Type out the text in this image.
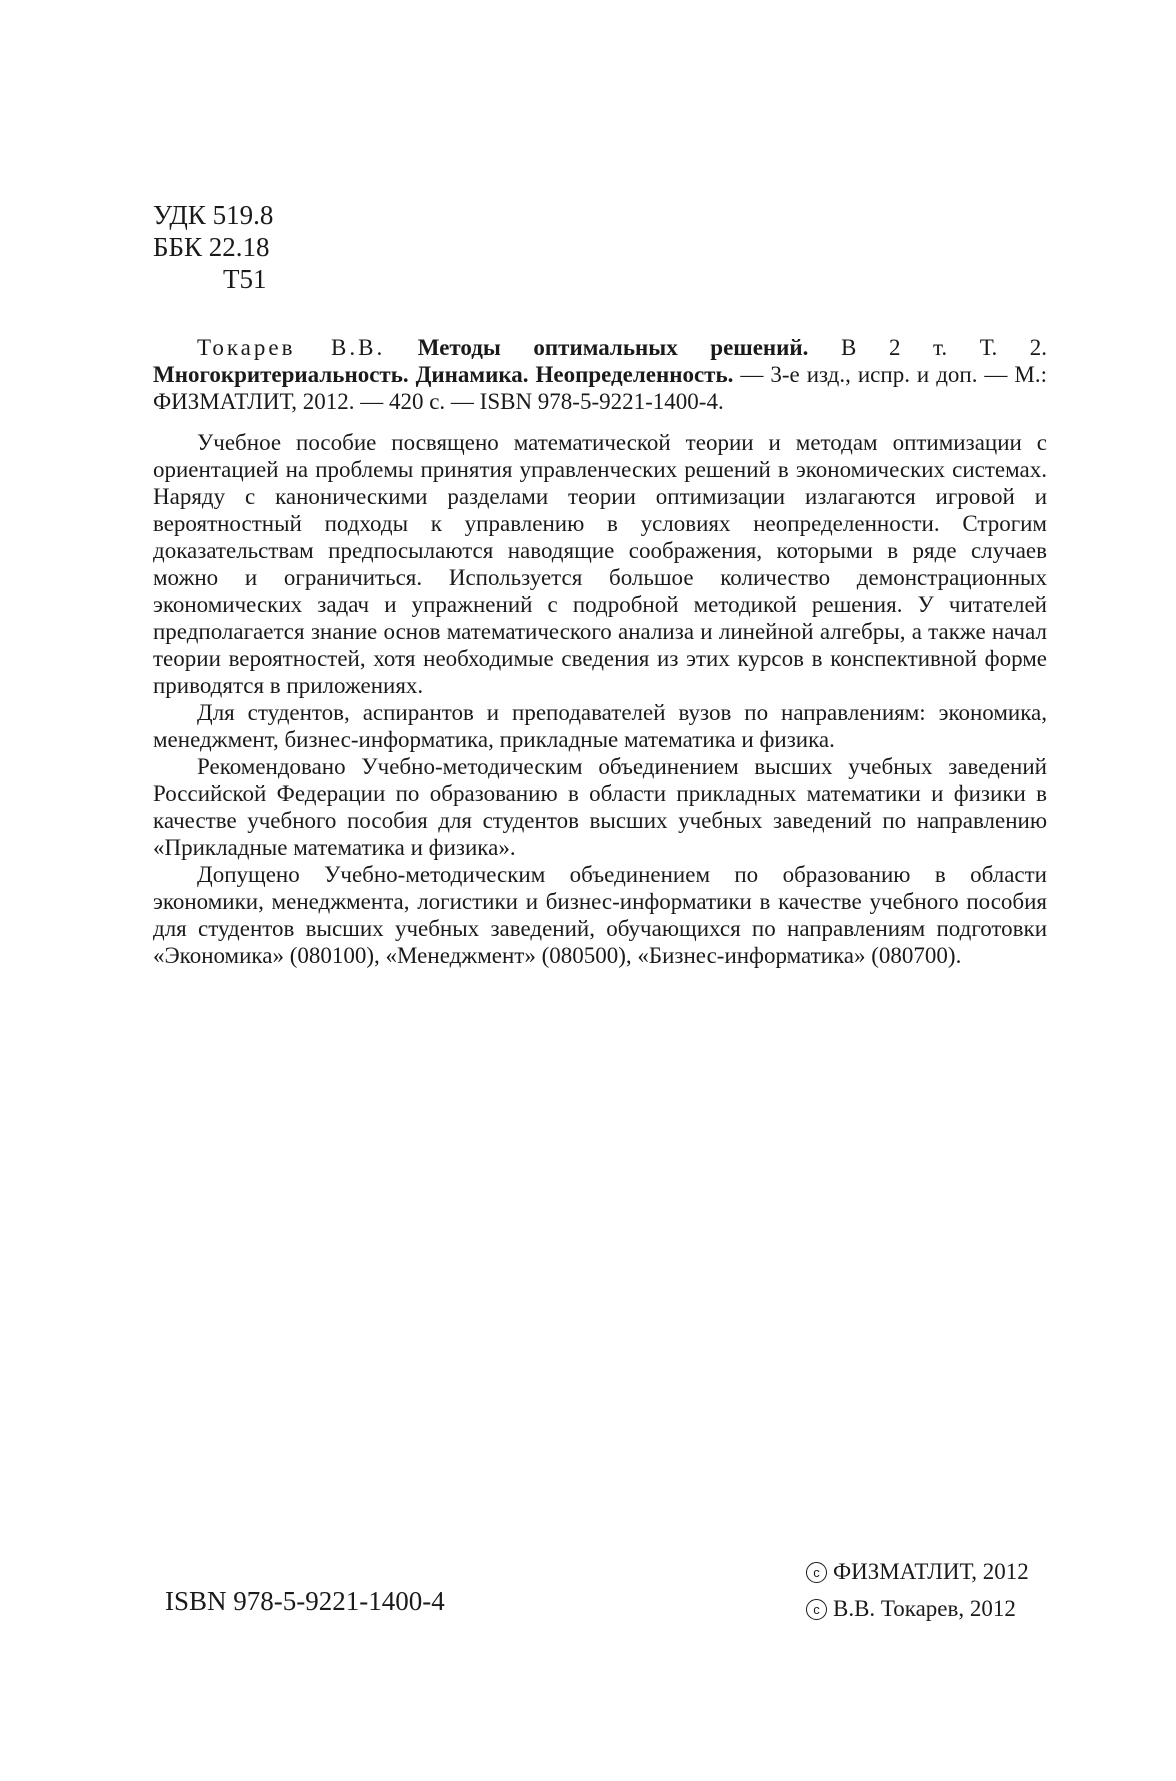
УДК 519.8
ББК 22.18
Т51

Токарев В.В. Методы оптимальных решений. В 2 т. Т. 2. Многокритериальность. Динамика. Неопределенность. — 3-е изд., испр. и доп. — М.: ФИЗМАТЛИТ, 2012. — 420 с. — ISBN 978-5-9221-1400-4.

Учебное пособие посвящено математической теории и методам оптимизации с ориентацией на проблемы принятия управленческих решений в экономических системах. Наряду с каноническими разделами теории оптимизации излагаются игровой и вероятностный подходы к управлению в условиях неопределенности. Строгим доказательствам предпосылаются наводящие соображения, которыми в ряде случаев можно и ограничиться. Используется большое количество демонстрационных экономических задач и упражнений с подробной методикой решения. У читателей предполагается знание основ математического анализа и линейной алгебры, а также начал теории вероятностей, хотя необходимые сведения из этих курсов в конспективной форме приводятся в приложениях.

Для студентов, аспирантов и преподавателей вузов по направлениям: экономика, менеджмент, бизнес-информатика, прикладные математика и физика.

Рекомендовано Учебно-методическим объединением высших учебных заведений Российской Федерации по образованию в области прикладных математики и физики в качестве учебного пособия для студентов высших учебных заведений по направлению «Прикладные математика и физика».

Допущено Учебно-методическим объединением по образованию в области экономики, менеджмента, логистики и бизнес-информатики в качестве учебного пособия для студентов высших учебных заведений, обучающихся по направлениям подготовки «Экономика» (080100), «Менеджмент» (080500), «Бизнес-информатика» (080700).

ISBN 978-5-9221-1400-4
c ФИЗМАТЛИТ, 2012
c В.В. Токарев, 2012
